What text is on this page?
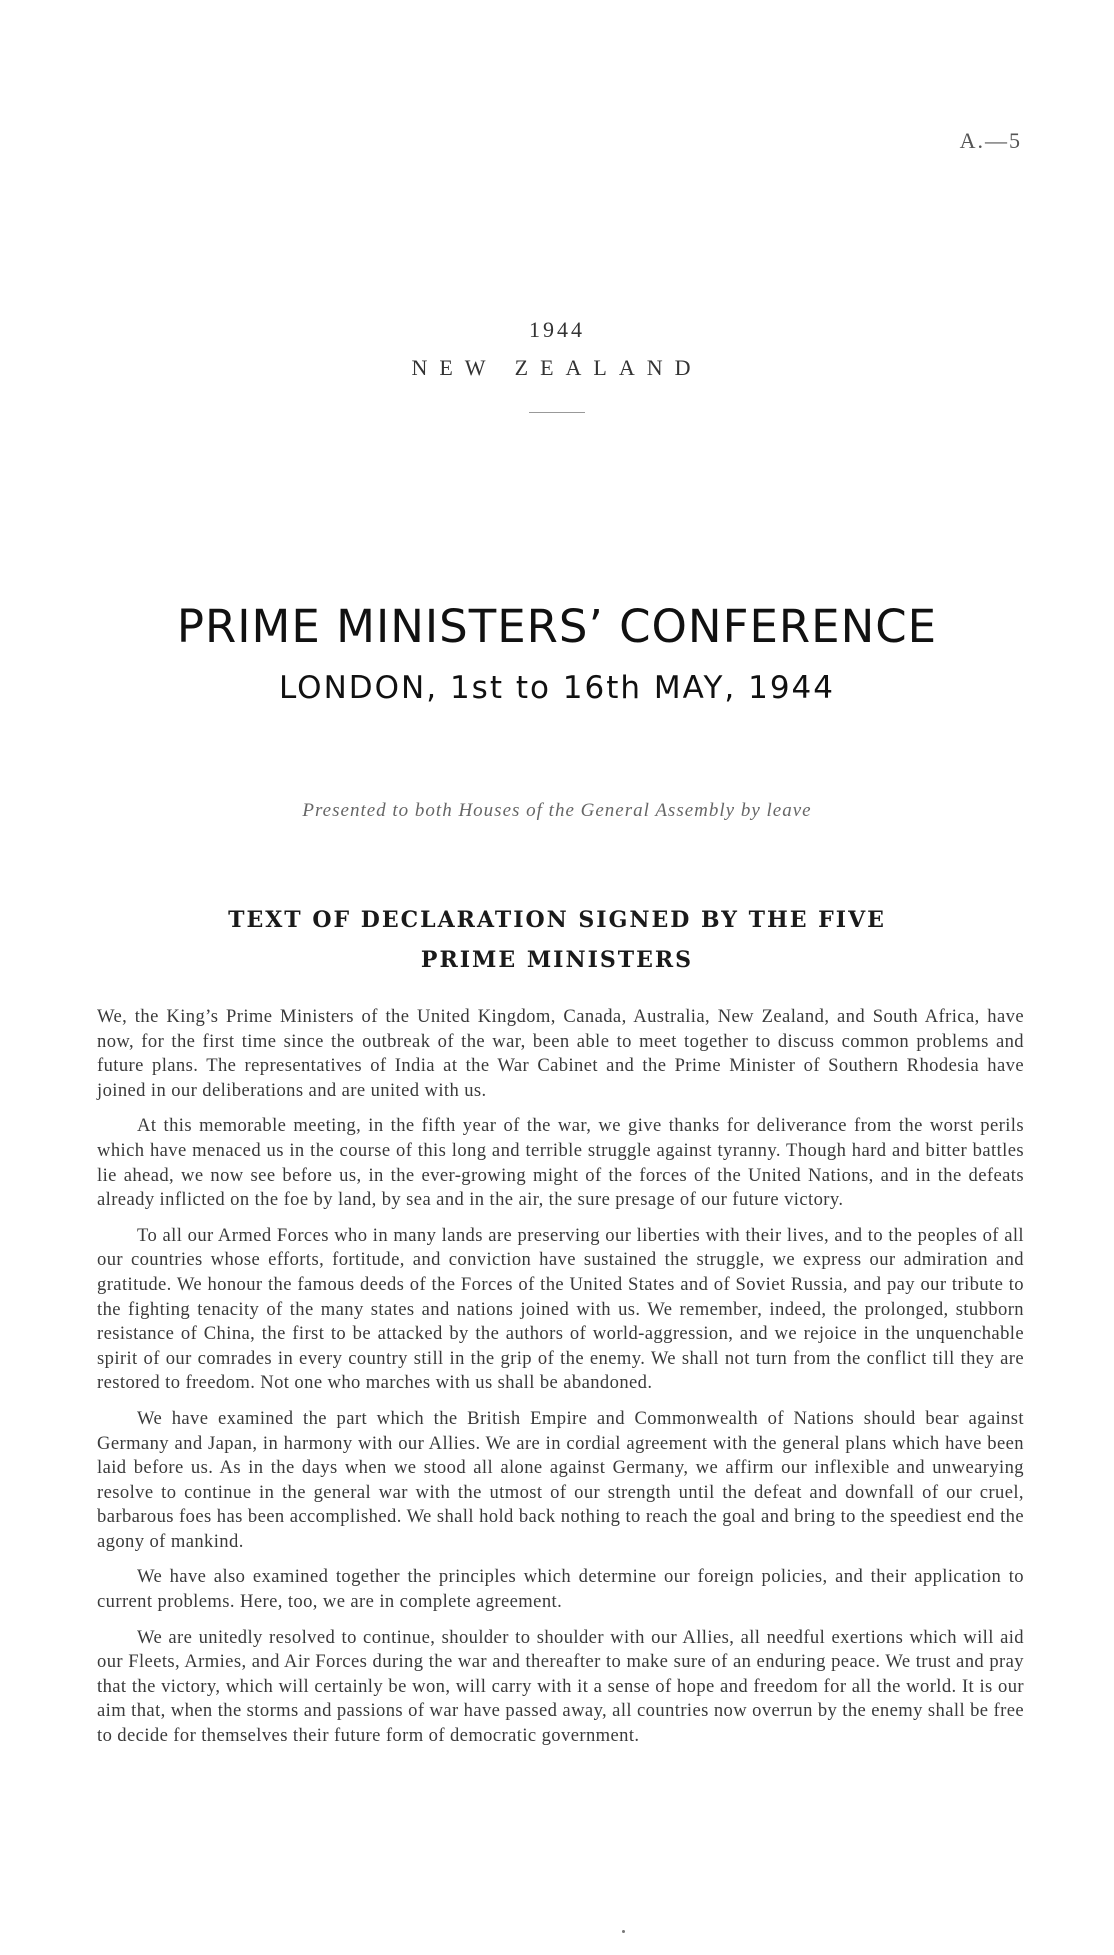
A.—5
1944
NEW ZEALAND
PRIME MINISTERS’ CONFERENCE
LONDON, 1st to 16th MAY, 1944
Presented to both Houses of the General Assembly by leave
TEXT OF DECLARATION SIGNED BY THE FIVE
PRIME MINISTERS

We, the King’s Prime Ministers of the United Kingdom, Canada, Australia, New Zealand, and South Africa, have now, for the first time since the outbreak of the war, been able to meet together to discuss common problems and future plans. The representatives of India at the War Cabinet and the Prime Minister of Southern Rhodesia have joined in our deliberations and are united with us.

At this memorable meeting, in the fifth year of the war, we give thanks for deliverance from the worst perils which have menaced us in the course of this long and terrible struggle against tyranny. Though hard and bitter battles lie ahead, we now see before us, in the ever-growing might of the forces of the United Nations, and in the defeats already inflicted on the foe by land, by sea and in the air, the sure presage of our future victory.

To all our Armed Forces who in many lands are preserving our liberties with their lives, and to the peoples of all our countries whose efforts, fortitude, and conviction have sustained the struggle, we express our admiration and gratitude. We honour the famous deeds of the Forces of the United States and of Soviet Russia, and pay our tribute to the fighting tenacity of the many states and nations joined with us. We remember, indeed, the prolonged, stubborn resistance of China, the first to be attacked by the authors of world-aggression, and we rejoice in the unquenchable spirit of our comrades in every country still in the grip of the enemy. We shall not turn from the conflict till they are restored to freedom. Not one who marches with us shall be abandoned.

We have examined the part which the British Empire and Commonwealth of Nations should bear against Germany and Japan, in harmony with our Allies. We are in cordial agreement with the general plans which have been laid before us. As in the days when we stood all alone against Germany, we affirm our inflexible and unwearying resolve to continue in the general war with the utmost of our strength until the defeat and downfall of our cruel, barbarous foes has been accomplished. We shall hold back nothing to reach the goal and bring to the speediest end the agony of mankind.

We have also examined together the principles which determine our foreign policies, and their application to current problems. Here, too, we are in complete agreement.

We are unitedly resolved to continue, shoulder to shoulder with our Allies, all needful exertions which will aid our Fleets, Armies, and Air Forces during the war and thereafter to make sure of an enduring peace. We trust and pray that the victory, which will certainly be won, will carry with it a sense of hope and freedom for all the world. It is our aim that, when the storms and passions of war have passed away, all countries now overrun by the enemy shall be free to decide for themselves their future form of democratic government.
